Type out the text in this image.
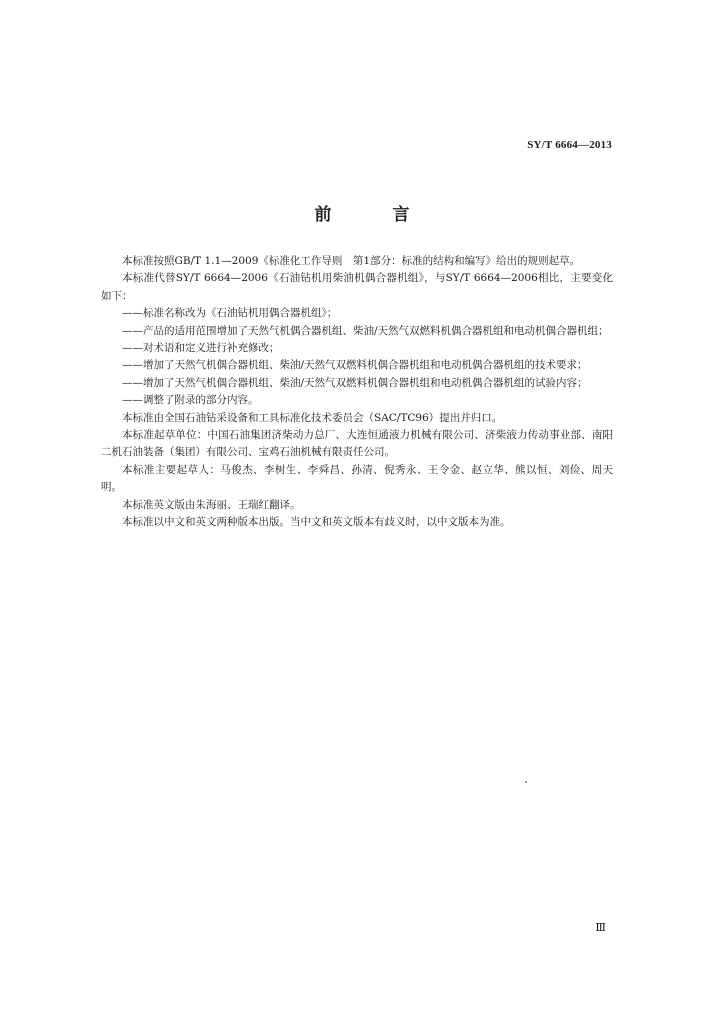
SY/T 6664—2013
前　言

本标准按照GB/T 1.1—2009《标准化工作导则　第1部分：标准的结构和编写》给出的规则起草。

本标准代替SY/T 6664—2006《石油钻机用柴油机偶合器机组》，与SY/T 6664—2006相比，主要变化如下：

——标准名称改为《石油钻机用偶合器机组》；

——产品的适用范围增加了天然气机偶合器机组、柴油/天然气双燃料机偶合器机组和电动机偶合器机组；

——对术语和定义进行补充修改；

——增加了天然气机偶合器机组、柴油/天然气双燃料机偶合器机组和电动机偶合器机组的技术要求；

——增加了天然气机偶合器机组、柴油/天然气双燃料机偶合器机组和电动机偶合器机组的试验内容；

——调整了附录的部分内容。

本标准由全国石油钻采设备和工具标准化技术委员会（SAC/TC96）提出并归口。

本标准起草单位：中国石油集团济柴动力总厂、大连恒通液力机械有限公司、济柴液力传动事业部、南阳二机石油装备（集团）有限公司、宝鸡石油机械有限责任公司。

本标准主要起草人：马俊杰、李树生、李舜昌、孙清、倪秀永、王令金、赵立华、熊以恒、刘俭、周天明。

本标准英文版由朱海丽、王瑞红翻译。

本标准以中文和英文两种版本出版。当中文和英文版本有歧义时，以中文版本为准。

Ⅲ
